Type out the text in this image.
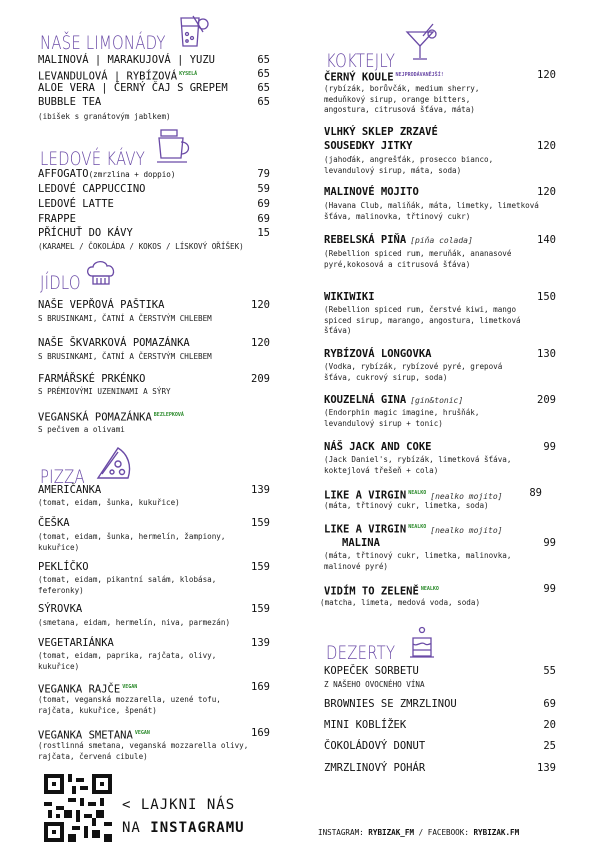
NAŠE LIMONÁDY
MALINOVÁ | MARAKUJOVÁ | YUZU	65
LEVANDULOVÁ | RYBÍZOVÁ $^{KYSELÁ}$	65
ALOE VERA | ČERNÝ ČAJ S GREPEM	65
BUBBLE TEA	65
(ibišek s granátovým jablkem)
LEDOVÉ KÁVY
AFFOGATO(zmrzlina + doppio)	79
LEDOVÉ CAPPUCCINO	59
LEDOVÉ LATTE	69
FRAPPE	69
PŘÍCHUŤ DO KÁVY	15
(KARAMEL / ČOKOLÁDA / KOKOS / LÍSKOVÝ OŘÍŠEK)
JÍDLO
NAŠE VEPŘOVÁ PAŠTIKA	120
S BRUSINKAMI, ČATNÍ A ČERSTVÝM CHLEBEM
NAŠE ŠKVARKOVÁ POMAZÁNKA	120
S BRUSINKAMI, ČATNÍ A ČERSTVÝM CHLEBEM
FARMÁŘSKÉ PRKÉNKO	209
S PRÉMIOVÝMI UZENINAMI A SÝRY
VEGANSKÁ POMAZÁNKA $^{BEZLEPKOVÁ}$
S pečivem a olivami
PIZZA
AMERIČANKA	139
(tomat, eidam, šunka, kukuřice)
ČEŠKA	159
(tomat, eidam, šunka, hermelín, žampiony, kukuřice)
PEKLÍČKO	159
(tomat, eidam, pikantní salám, klobása, feferonky)
SÝROVKA	159
(smetana, eidam, hermelín, niva, parmezán)
VEGETARIÁNKA	139
(tomat, eidam, paprika, rajčata, olivy, kukuřice)
VEGANKA RAJČE $^{VEGAN}$	169
(tomat, veganská mozzarella, uzené tofu, rajčata, kukuřice, špenát)
VEGANKA SMETANA $^{VEGAN}$	169
(rostlinná smetana, veganská mozzarella olivy, rajčata, červená cibule)
< LAJKNI NÁS
NA INSTAGRAMU
KOKTEJLY
ČERNÝ KOULE $^{NEJPRODÁVANĚJŠÍ!}$	120
(rybízák, borůvčák, medium sherry, meduňkový sirup, orange bitters, angostura, citrusová šťáva, máta)
VLHKÝ SKLEP ZRZAVÉ
SOUSEDKY JITKY	120
(jahoďák, angrešťák, prosecco bianco, levandulový sirup, máta, soda)
MALINOVÉ MOJITO	120
(Havana Club, maliňák, máta, limetky, limetková šťáva, malinovka, třtinový cukr)
REBELSKÁ PIŇA [piňa colada]	140
(Rebellion spiced rum, meruňák, ananasové pyré,kokosová a citrusová šťáva)
WIKIWIKI	150
(Rebellion spiced rum, čerstvé kiwi, mango spiced sirup, marango, angostura, limetková šťáva)
RYBÍZOVÁ LONGOVKA	130
(Vodka, rybízák, rybízové pyré, grepová šťáva, cukrový sirup, soda)
KOUZELNÁ GINA [gin&tonic]	209
(Endorphin magic imagine, hrušňák, levandulový sirup + tonic)
NÁŠ JACK AND COKE	99
(Jack Daniel's, rybízák, limetková šťáva, koktejlová třešeň + cola)
LIKE A VIRGIN $^{NEALKO}$ [nealko mojito]	89
(máta, třtinový cukr, limetka, soda)
LIKE A VIRGIN $^{NEALKO}$ [nealko mojito]
MALINA	99
(máta, třtinový cukr, limetka, malinovka, malinové pyré)
VIDÍM TO ZELENĚ $^{NEALKO}$	99
(matcha, limeta, medová voda, soda)
DEZERTY
KOPEČEK SORBETU	55
Z NAŠEHO OVOCNÉHO VÍNA
BROWNIES SE ZMRZLINOU	69
MINI KOBLÍŽEK	20
ČOKOLÁDOVÝ DONUT	25
ZMRZLINOVÝ POHÁR	139
INSTAGRAM: RYBIZAK_FM / FACEBOOK: RYBIZAK.FM
